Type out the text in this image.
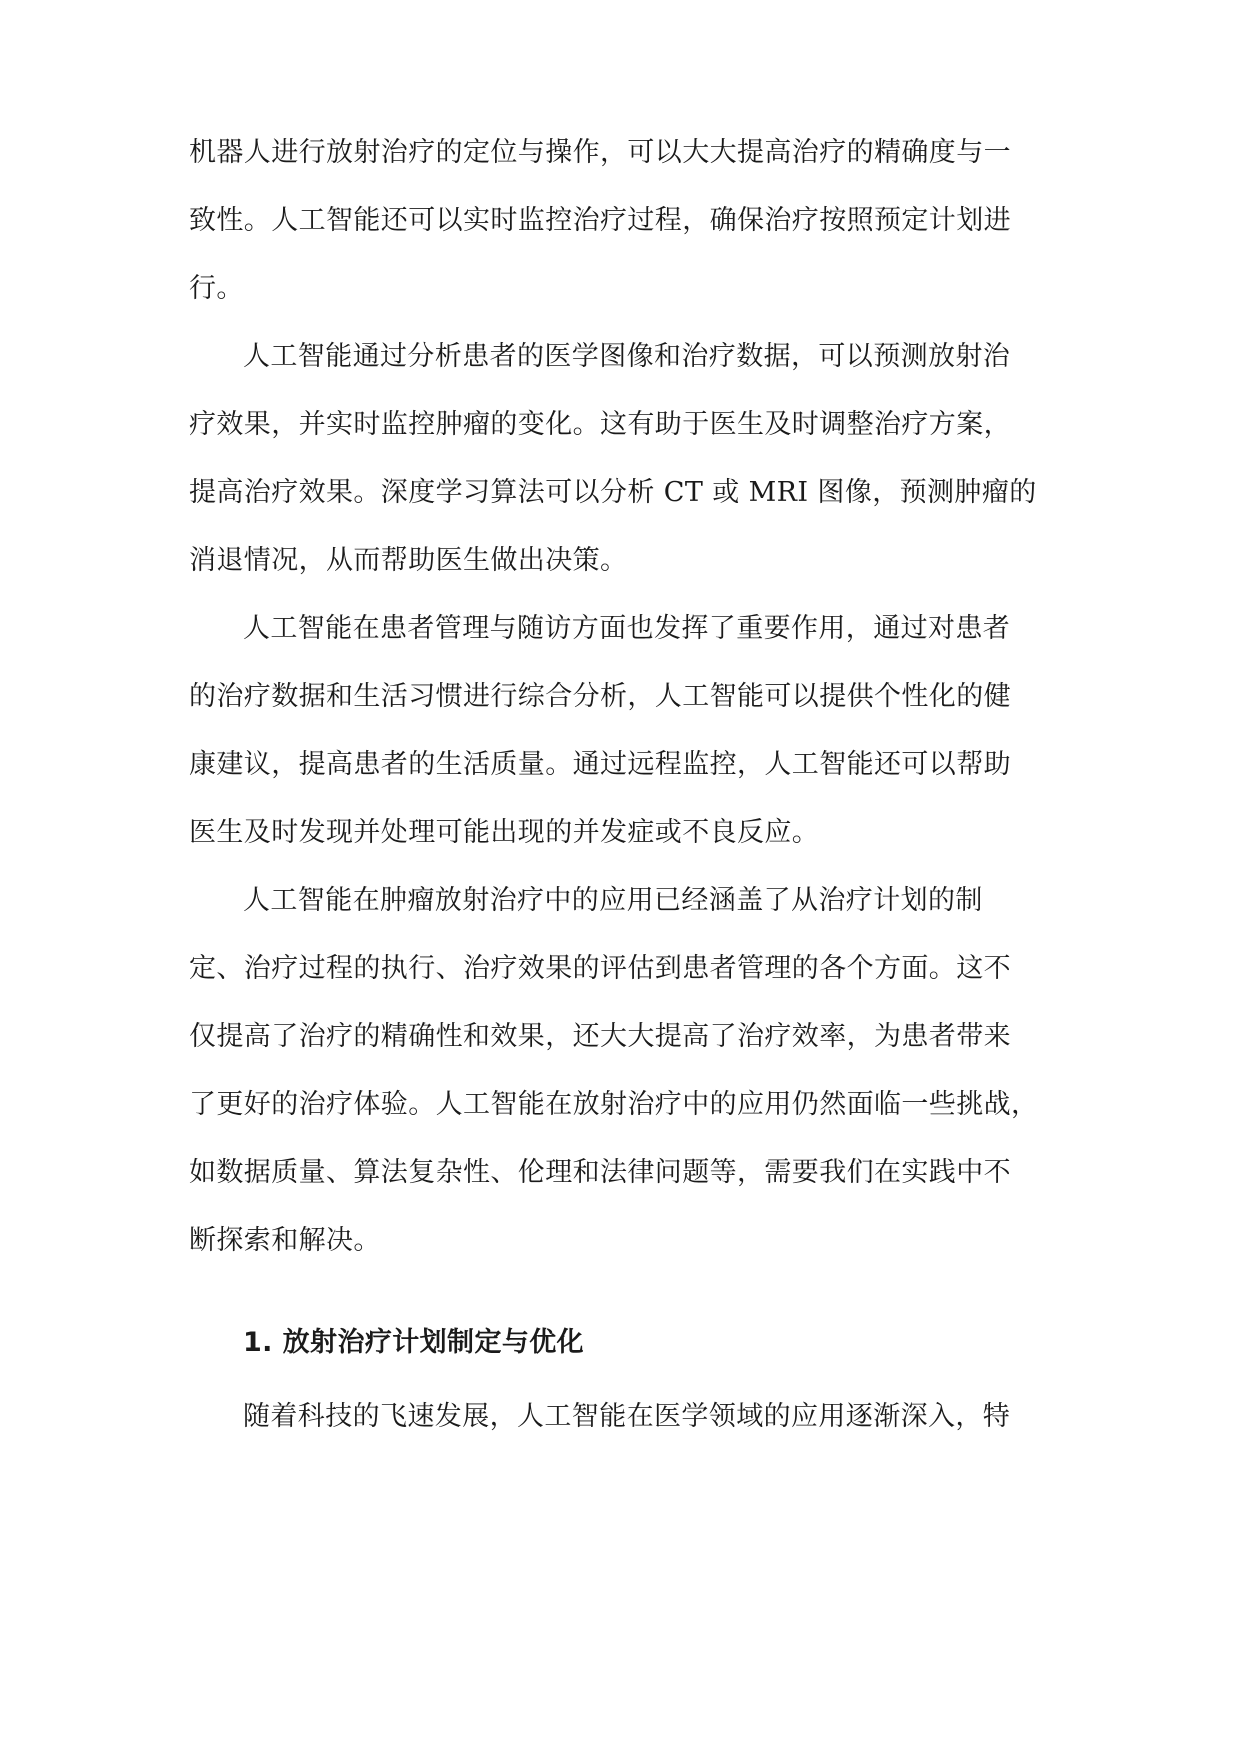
机器人进行放射治疗的定位与操作，可以大大提高治疗的精确度与一
致性。人工智能还可以实时监控治疗过程，确保治疗按照预定计划进
行。
人工智能通过分析患者的医学图像和治疗数据，可以预测放射治
疗效果，并实时监控肿瘤的变化。这有助于医生及时调整治疗方案，
提高治疗效果。深度学习算法可以分析 CT 或 MRI 图像，预测肿瘤的
消退情况，从而帮助医生做出决策。
人工智能在患者管理与随访方面也发挥了重要作用，通过对患者
的治疗数据和生活习惯进行综合分析，人工智能可以提供个性化的健
康建议，提高患者的生活质量。通过远程监控，人工智能还可以帮助
医生及时发现并处理可能出现的并发症或不良反应。
人工智能在肿瘤放射治疗中的应用已经涵盖了从治疗计划的制
定、治疗过程的执行、治疗效果的评估到患者管理的各个方面。这不
仅提高了治疗的精确性和效果，还大大提高了治疗效率，为患者带来
了更好的治疗体验。人工智能在放射治疗中的应用仍然面临一些挑战，
如数据质量、算法复杂性、伦理和法律问题等，需要我们在实践中不
断探索和解决。
1. 放射治疗计划制定与优化
随着科技的飞速发展，人工智能在医学领域的应用逐渐深入，特
